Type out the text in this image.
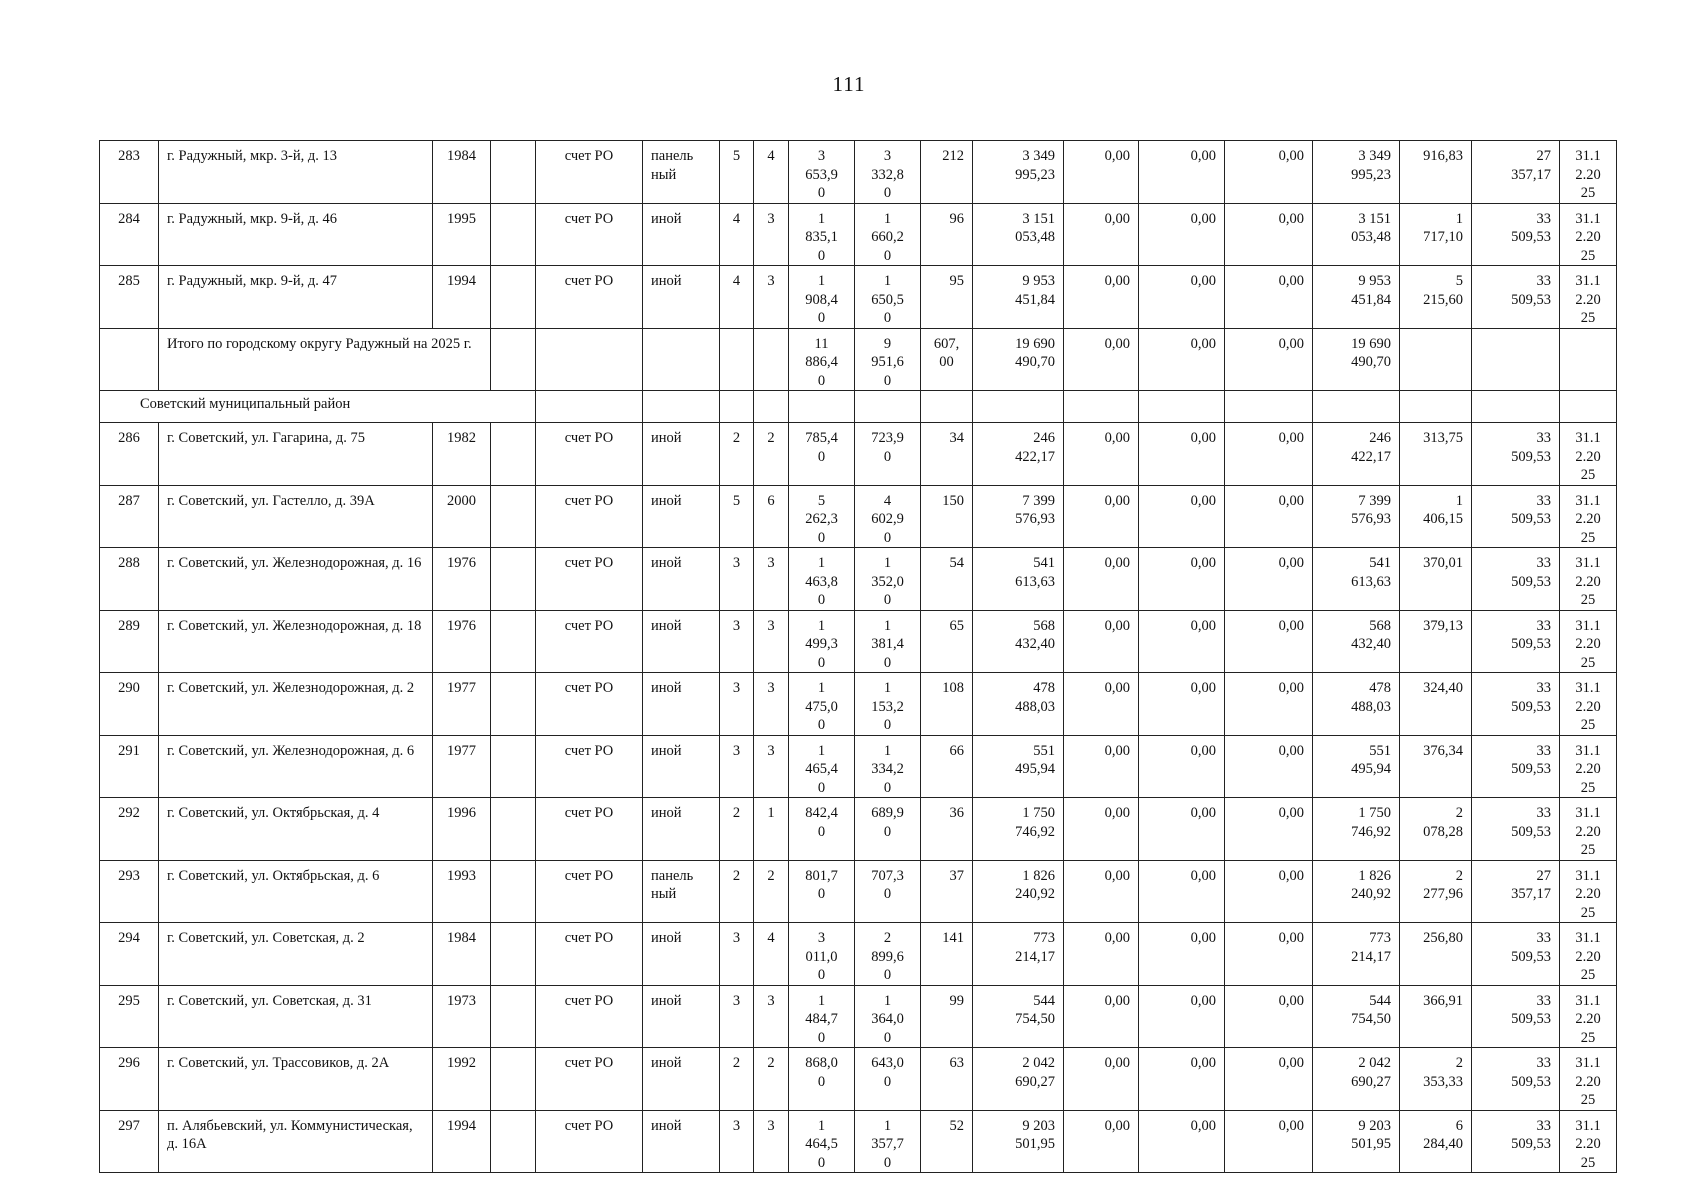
111
283	г. Радужный, мкр. 3-й, д. 13	1984		счет РО	панель
ный	5	4	3
653,9
0	3
332,8
0	212	3 349
995,23	0,00	0,00	0,00	3 349
995,23	916,83	27
357,17	31.1
2.20
25
284	г. Радужный, мкр. 9-й, д. 46	1995		счет РО	иной	4	3	1
835,1
0	1
660,2
0	96	3 151
053,48	0,00	0,00	0,00	3 151
053,48	1
717,10	33
509,53	31.1
2.20
25
285	г. Радужный, мкр. 9-й, д. 47	1994		счет РО	иной	4	3	1
908,4
0	1
650,5
0	95	9 953
451,84	0,00	0,00	0,00	9 953
451,84	5
215,60	33
509,53	31.1
2.20
25
	Итого по городскому округу Радужный на 2025 г.							11
886,4
0	9
951,6
0	607,
00	19 690
490,70	0,00	0,00	0,00	19 690
490,70			
Советский муниципальный район																		
286	г. Советский, ул. Гагарина, д. 75	1982		счет РО	иной	2	2	785,4
0	723,9
0	34	246
422,17	0,00	0,00	0,00	246
422,17	313,75	33
509,53	31.1
2.20
25
287	г. Советский, ул. Гастелло, д. 39А	2000		счет РО	иной	5	6	5
262,3
0	4
602,9
0	150	7 399
576,93	0,00	0,00	0,00	7 399
576,93	1
406,15	33
509,53	31.1
2.20
25
288	г. Советский, ул. Железнодорожная, д. 16	1976		счет РО	иной	3	3	1
463,8
0	1
352,0
0	54	541
613,63	0,00	0,00	0,00	541
613,63	370,01	33
509,53	31.1
2.20
25
289	г. Советский, ул. Железнодорожная, д. 18	1976		счет РО	иной	3	3	1
499,3
0	1
381,4
0	65	568
432,40	0,00	0,00	0,00	568
432,40	379,13	33
509,53	31.1
2.20
25
290	г. Советский, ул. Железнодорожная, д. 2	1977		счет РО	иной	3	3	1
475,0
0	1
153,2
0	108	478
488,03	0,00	0,00	0,00	478
488,03	324,40	33
509,53	31.1
2.20
25
291	г. Советский, ул. Железнодорожная, д. 6	1977		счет РО	иной	3	3	1
465,4
0	1
334,2
0	66	551
495,94	0,00	0,00	0,00	551
495,94	376,34	33
509,53	31.1
2.20
25
292	г. Советский, ул. Октябрьская, д. 4	1996		счет РО	иной	2	1	842,4
0	689,9
0	36	1 750
746,92	0,00	0,00	0,00	1 750
746,92	2
078,28	33
509,53	31.1
2.20
25
293	г. Советский, ул. Октябрьская, д. 6	1993		счет РО	панель
ный	2	2	801,7
0	707,3
0	37	1 826
240,92	0,00	0,00	0,00	1 826
240,92	2
277,96	27
357,17	31.1
2.20
25
294	г. Советский, ул. Советская, д. 2	1984		счет РО	иной	3	4	3
011,0
0	2
899,6
0	141	773
214,17	0,00	0,00	0,00	773
214,17	256,80	33
509,53	31.1
2.20
25
295	г. Советский, ул. Советская, д. 31	1973		счет РО	иной	3	3	1
484,7
0	1
364,0
0	99	544
754,50	0,00	0,00	0,00	544
754,50	366,91	33
509,53	31.1
2.20
25
296	г. Советский, ул. Трассовиков, д. 2А	1992		счет РО	иной	2	2	868,0
0	643,0
0	63	2 042
690,27	0,00	0,00	0,00	2 042
690,27	2
353,33	33
509,53	31.1
2.20
25
297	п. Алябьевский, ул. Коммунистическая, д. 16А	1994		счет РО	иной	3	3	1
464,5
0	1
357,7
0	52	9 203
501,95	0,00	0,00	0,00	9 203
501,95	6
284,40	33
509,53	31.1
2.20
25
